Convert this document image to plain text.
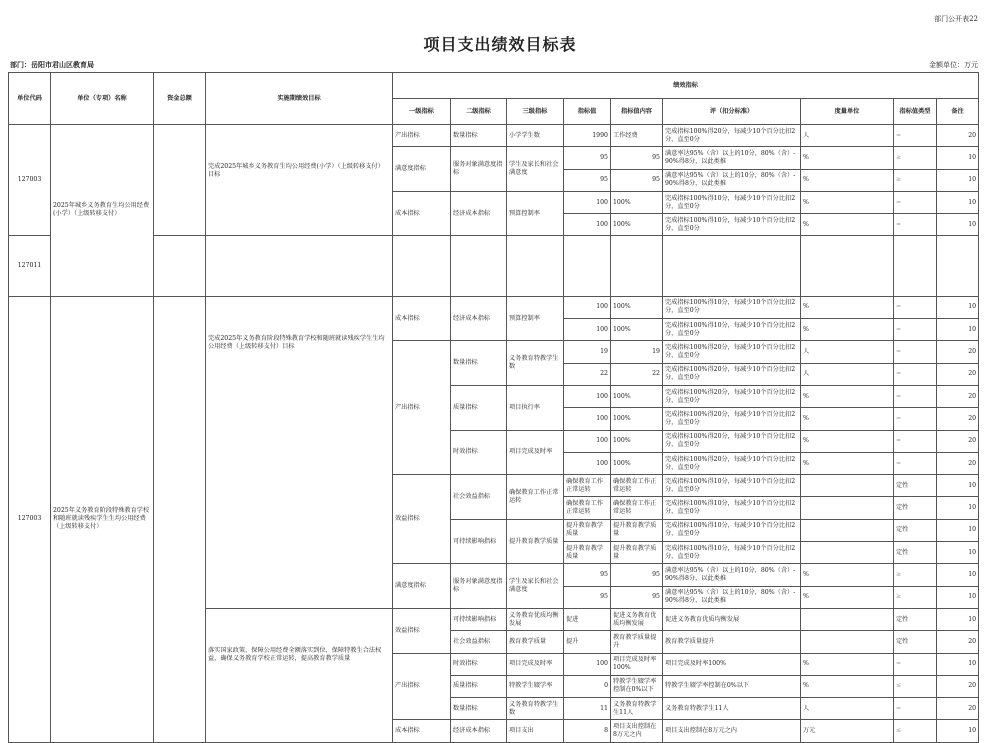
部门公开表22
项目支出绩效目标表
部门：岳阳市君山区教育局	金额单位：万元
单位代码	单位（专项）名称	资金总额	实施期绩效目标	绩效指标								
				一级指标	二级指标	三级指标	指标值	指标值内容	评（扣分标准）	度量单位	指标值类型	备注
127003	2025年城乡义务教育生均公用经费(小学）（上级转移支付）		完成2025年城乡义务教育生均公用经费(小学）（上级转移支付）目标	产出指标	数量指标	小学学生数	1990	工作经费	完成指标100%得20分，每减少10个百分比扣2分，直至0分	人	=	20
				满意度指标	服务对象满意度指标	学生及家长和社会满意度	95	95	满意率达95%（含）以上的10分，80%（含）-90%得8分，以此类推	%	≥	10
							95	95	满意率达95%（含）以上的10分，80%（含）-90%得8分，以此类推	%	≥	10
				成本指标	经济成本指标	预算控制率	100	100%	完成指标100%得10分，每减少10个百分比扣2分，直至0分	%	=	10
							100	100%	完成指标100%得10分，每减少10个百分比扣2分，直至0分	%	=	10
127011												
127003	2025年义务教育阶段特殊教育学校和随班就读残疾学生生均公用经费（上级转移支付）		完成2025年义务教育阶段特殊教育学校和随班就读残疾学生生均公用经费（上级转移支付）目标	成本指标	经济成本指标	预算控制率	100	100%	完成指标100%得10分，每减少10个百分比扣2分，直至0分	%	=	10
							100	100%	完成指标100%得10分，每减少10个百分比扣2分，直至0分	%	=	10
				产出指标	数量指标	义务教育特教学生数	19	19	完成指标100%得20分，每减少10个百分比扣2分，直至0分	人	=	20
							22	22	完成指标100%得20分，每减少10个百分比扣2分，直至0分	人	=	20
					质量指标	项目执行率	100	100%	完成指标100%得20分，每减少10个百分比扣2分，直至0分	%	=	20
							100	100%	完成指标100%得20分，每减少10个百分比扣2分，直至0分	%	=	20
					时效指标	项目完成及时率	100	100%	完成指标100%得20分，每减少10个百分比扣2分，直至0分	%	=	20
							100	100%	完成指标100%得20分，每减少10个百分比扣2分，直至0分	%	=	20
				效益指标	社会效益指标	确保教育工作正常运转	确保教育工作正常运转	确保教育工作正常运转	完成指标100%得10分，每减少10个百分比扣2分，直至0分		定性	10
							确保教育工作正常运转	确保教育工作正常运转	完成指标100%得10分，每减少10个百分比扣2分，直至0分		定性	10
					可持续影响指标	提升教育教学质量	提升教育教学质量	提升教育教学质量	完成指标100%得10分，每减少10个百分比扣2分，直至0分		定性	10
							提升教育教学质量	提升教育教学质量	完成指标100%得10分，每减少10个百分比扣2分，直至0分		定性	10
				满意度指标	服务对象满意度指标	学生及家长和社会满意度	95	95	满意率达95%（含）以上的10分，80%（含）-90%得8分，以此类推	%	≥	10
							95	95	满意率达95%（含）以上的10分，80%（含）-90%得8分，以此类推	%	≥	10
			落实国家政策，保障公用经费全额落实到位，保障特教生合法权益，确保义务教育学校正常运转，提高教育教学质量	效益指标	可持续影响指标	义务教育优质均衡发展	促进	促进义务教育优质均衡发展	促进义务教育优质均衡发展		定性	10
					社会效益指标	教育教学质量	提升	教育教学质量提升	教育教学质量提升		定性	20
				产出指标	时效指标	项目完成及时率	100	项目完成及时率100%	项目完成及时率100%	%	=	10
					质量指标	特教学生辍学率	0	特教学生辍学率控制在0%以下	特教学生辍学率控制在0%以下	%	≤	20
					数量指标	义务教育特教学生数	11	义务教育特教学生11人	义务教育特教学生11人	人	=	20
				成本指标	经济成本指标	项目支出	8	项目支出控制在8万元之内	项目支出控制在8万元之内	万元	≤	10
